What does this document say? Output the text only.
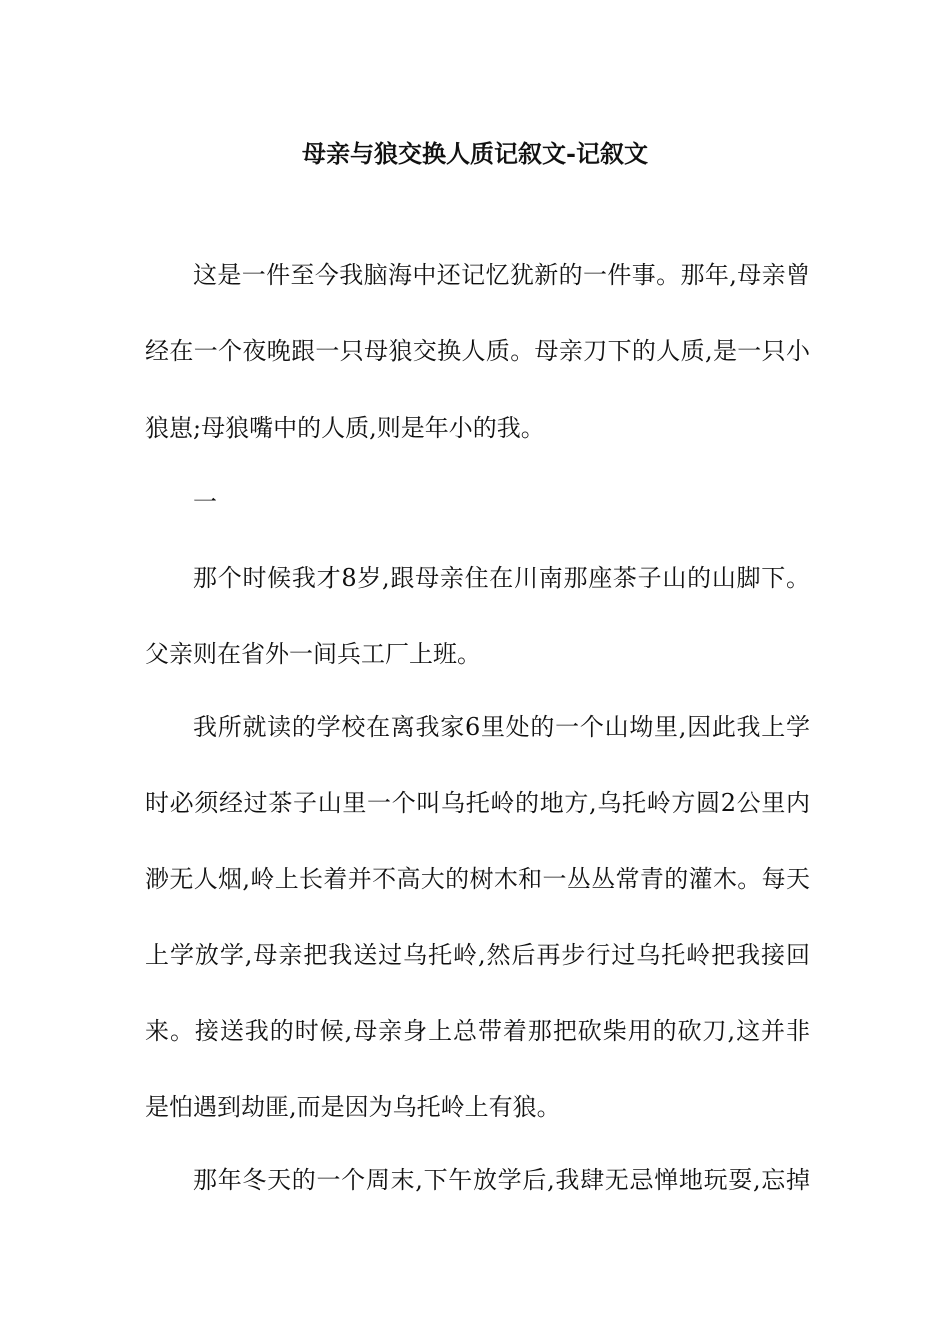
母亲与狼交换人质记叙文-记叙文
这是一件至今我脑海中还记忆犹新的一件事。那年,母亲曾
经在一个夜晚跟一只母狼交换人质。母亲刀下的人质,是一只小
狼崽;母狼嘴中的人质,则是年小的我。
一
那个时候我才8岁,跟母亲住在川南那座茶子山的山脚下。
父亲则在省外一间兵工厂上班。
我所就读的学校在离我家6里处的一个山坳里,因此我上学
时必须经过茶子山里一个叫乌托岭的地方,乌托岭方圆2公里内
渺无人烟,岭上长着并不高大的树木和一丛丛常青的灌木。每天
上学放学,母亲把我送过乌托岭,然后再步行过乌托岭把我接回
来。接送我的时候,母亲身上总带着那把砍柴用的砍刀,这并非
是怕遇到劫匪,而是因为乌托岭上有狼。
那年冬天的一个周末,下午放学后,我肆无忌惮地玩耍,忘掉
